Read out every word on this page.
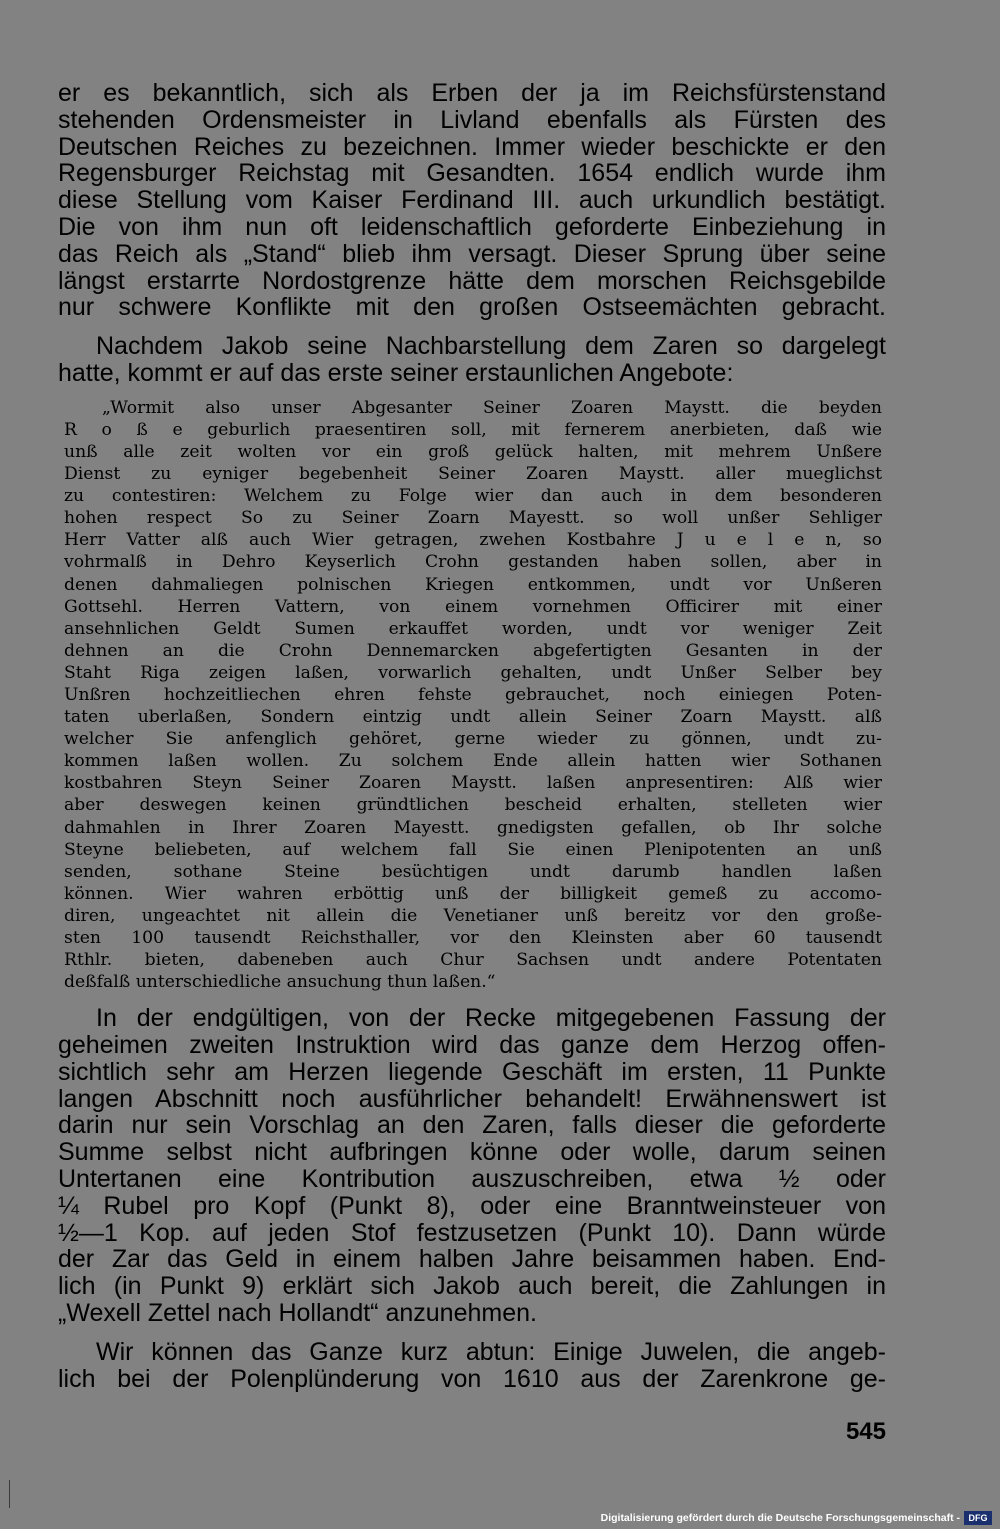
er es bekanntlich, sich als Erben der ja im Reichsfürstenstand
stehenden Ordensmeister in Livland ebenfalls als Fürsten des
Deutschen Reiches zu bezeichnen. Immer wieder beschickte er den
Regensburger Reichstag mit Gesandten. 1654 endlich wurde ihm
diese Stellung vom Kaiser Ferdinand III. auch urkundlich bestätigt.
Die von ihm nun oft leidenschaftlich geforderte Einbeziehung in
das Reich als „Stand“ blieb ihm versagt. Dieser Sprung über seine
längst erstarrte Nordostgrenze hätte dem morschen Reichsgebilde
nur schwere Konflikte mit den großen Ostseemächten gebracht.
Nachdem Jakob seine Nachbarstellung dem Zaren so dargelegt
hatte, kommt er auf das erste seiner erstaunlichen Angebote:
„Wormit also unser Abgesanter Seiner Zoaren Maystt. die beyden
R o ß e geburlich praesentiren soll, mit fernerem anerbieten, daß wie
unß alle zeit wolten vor ein groß gelück halten, mit mehrem Unßere
Dienst zu eyniger begebenheit Seiner Zoaren Maystt. aller mueglichst
zu contestiren: Welchem zu Folge wier dan auch in dem besonderen
hohen respect So zu Seiner Zoarn Mayestt. so woll unßer Sehliger
Herr Vatter alß auch Wier getragen, zwehen Kostbahre J u e l e n, so
vohrmalß in Dehro Keyserlich Crohn gestanden haben sollen, aber in
denen dahmaliegen polnischen Kriegen entkommen, undt vor Unßeren
Gottsehl. Herren Vattern, von einem vornehmen Officirer mit einer
ansehnlichen Geldt Sumen erkauffet worden, undt vor weniger Zeit
dehnen an die Crohn Dennemarcken abgefertigten Gesanten in der
Staht Riga zeigen laßen, vorwarlich gehalten, undt Unßer Selber bey
Unßren hochzeitliechen ehren fehste gebrauchet, noch einiegen Poten-
taten uberlaßen, Sondern eintzig undt allein Seiner Zoarn Maystt. alß
welcher Sie anfenglich gehöret, gerne wieder zu gönnen, undt zu-
kommen laßen wollen. Zu solchem Ende allein hatten wier Sothanen
kostbahren Steyn Seiner Zoaren Maystt. laßen anpresentiren: Alß wier
aber deswegen keinen gründtlichen bescheid erhalten, stelleten wier
dahmahlen in Ihrer Zoaren Mayestt. gnedigsten gefallen, ob Ihr solche
Steyne beliebeten, auf welchem fall Sie einen Plenipotenten an unß
senden, sothane Steine besüchtigen undt darumb handlen laßen
können. Wier wahren erböttig unß der billigkeit gemeß zu accomo-
diren, ungeachtet nit allein die Venetianer unß bereitz vor den große-
sten 100 tausendt Reichsthaller, vor den Kleinsten aber 60 tausendt
Rthlr. bieten, dabeneben auch Chur Sachsen undt andere Potentaten
deßfalß unterschiedliche ansuchung thun laßen.“
In der endgültigen, von der Recke mitgegebenen Fassung der
geheimen zweiten Instruktion wird das ganze dem Herzog offen-
sichtlich sehr am Herzen liegende Geschäft im ersten, 11 Punkte
langen Abschnitt noch ausführlicher behandelt! Erwähnenswert ist
darin nur sein Vorschlag an den Zaren, falls dieser die geforderte
Summe selbst nicht aufbringen könne oder wolle, darum seinen
Untertanen eine Kontribution auszuschreiben, etwa ½ oder
¼ Rubel pro Kopf (Punkt 8), oder eine Branntweinsteuer von
½—1 Kop. auf jeden Stof festzusetzen (Punkt 10). Dann würde
der Zar das Geld in einem halben Jahre beisammen haben. End-
lich (in Punkt 9) erklärt sich Jakob auch bereit, die Zahlungen in
„Wexell Zettel nach Hollandt“ anzunehmen.
Wir können das Ganze kurz abtun: Einige Juwelen, die angeb-
lich bei der Polenplünderung von 1610 aus der Zarenkrone ge-
545
Digitalisierung gefördert durch die Deutsche Forschungsgemeinschaft - DFG
